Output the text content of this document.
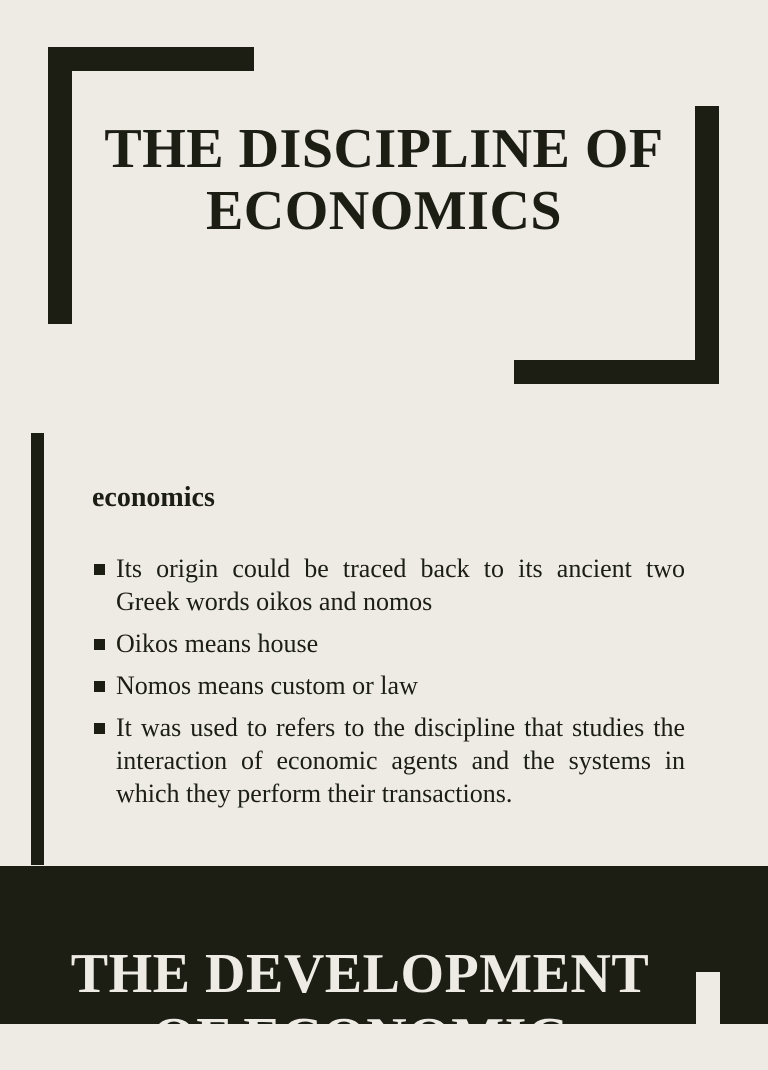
THE DISCIPLINE OF ECONOMICS
economics
Its origin could be traced back to its ancient two Greek words oikos and nomos
Oikos means house
Nomos means custom or law
It was used to refers to the discipline that studies the interaction of economic agents and the systems in which they perform their transactions.
THE DEVELOPMENT OF ECONOMIC
